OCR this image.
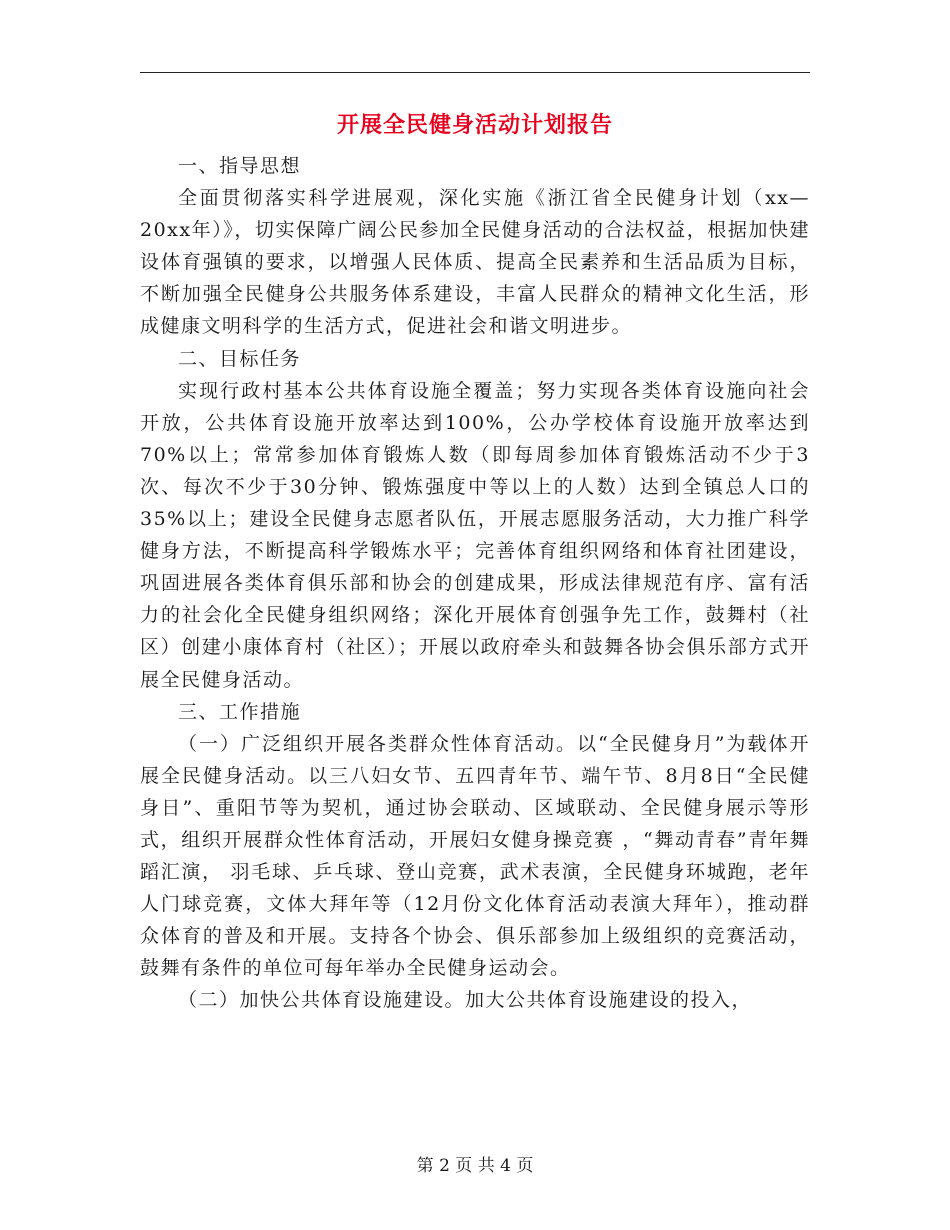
开展全民健身活动计划报告

一、指导思想

全面贯彻落实科学进展观，深化实施《浙江省全民健身计划（xx—20xx年）》，切实保障广阔公民参加全民健身活动的合法权益，根据加快建设体育强镇的要求，以增强人民体质、提高全民素养和生活品质为目标，不断加强全民健身公共服务体系建设，丰富人民群众的精神文化生活，形成健康文明科学的生活方式，促进社会和谐文明进步。

二、目标任务

实现行政村基本公共体育设施全覆盖；努力实现各类体育设施向社会开放，公共体育设施开放率达到100%，公办学校体育设施开放率达到70%以上；常常参加体育锻炼人数（即每周参加体育锻炼活动不少于3次、每次不少于30分钟、锻炼强度中等以上的人数）达到全镇总人口的35%以上；建设全民健身志愿者队伍，开展志愿服务活动，大力推广科学健身方法，不断提高科学锻炼水平；完善体育组织网络和体育社团建设，巩固进展各类体育俱乐部和协会的创建成果，形成法律规范有序、富有活力的社会化全民健身组织网络；深化开展体育创强争先工作，鼓舞村（社区）创建小康体育村（社区）；开展以政府牵头和鼓舞各协会俱乐部方式开展全民健身活动。

三、工作措施

（一）广泛组织开展各类群众性体育活动。以“全民健身月”为载体开展全民健身活动。以三八妇女节、五四青年节、端午节、8月8日“全民健身日”、重阳节等为契机，通过协会联动、区域联动、全民健身展示等形式，组织开展群众性体育活动，开展妇女健身操竞赛 ，“舞动青春”青年舞蹈汇演， 羽毛球、乒乓球、登山竞赛，武术表演，全民健身环城跑，老年人门球竞赛，文体大拜年等（12月份文化体育活动表演大拜年），推动群众体育的普及和开展。支持各个协会、俱乐部参加上级组织的竞赛活动，鼓舞有条件的单位可每年举办全民健身运动会。

（二）加快公共体育设施建设。加大公共体育设施建设的投入，

第 2 页 共 4 页
